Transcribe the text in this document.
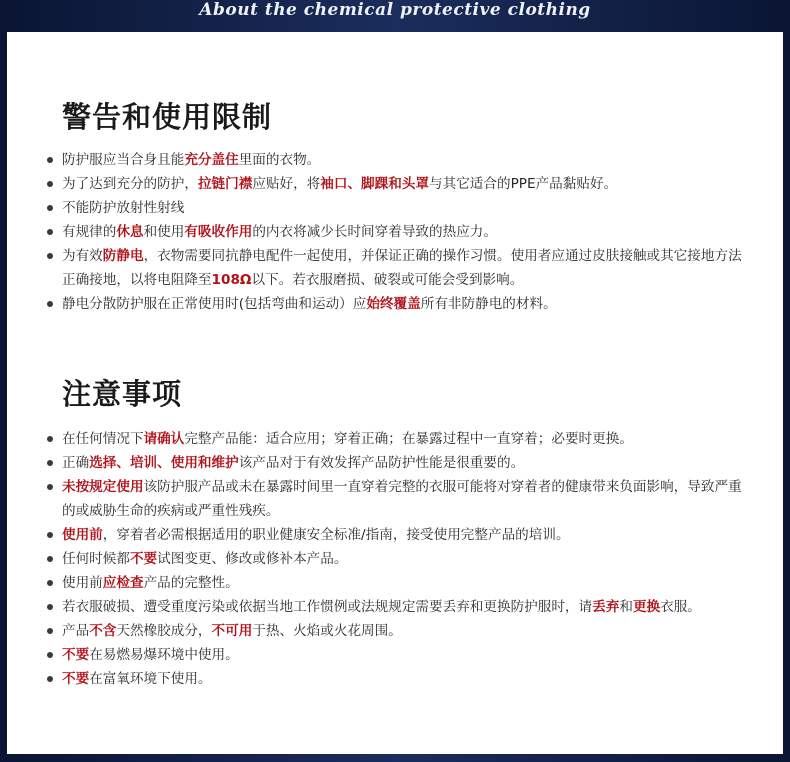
About the chemical protective clothing
警告和使用限制
防护服应当合身且能充分盖住里面的衣物。
为了达到充分的防护，拉链门襟应贴好，将袖口、脚踝和头罩与其它适合的PPE产品黏贴好。
不能防护放射性射线
有规律的休息和使用有吸收作用的内衣将减少长时间穿着导致的热应力。
为有效防静电，衣物需要同抗静电配件一起使用，并保证正确的操作习惯。使用者应通过皮肤接触或其它接地方法正确接地，以将电阻降至108Ω以下。若衣服磨损、破裂或可能会受到影响。
静电分散防护服在正常使用时(包括弯曲和运动）应始终覆盖所有非防静电的材料。
注意事项
在任何情况下请确认完整产品能：适合应用；穿着正确；在暴露过程中一直穿着；必要时更换。
正确选择、培训、使用和维护该产品对于有效发挥产品防护性能是很重要的。
未按规定使用该防护服产品或未在暴露时间里一直穿着完整的衣服可能将对穿着者的健康带来负面影响，导致严重的或威胁生命的疾病或严重性残疾。
使用前，穿着者必需根据适用的职业健康安全标准/指南，接受使用完整产品的培训。
任何时候都不要试图变更、修改或修补本产品。
使用前应检查产品的完整性。
若衣服破损、遭受重度污染或依据当地工作惯例或法规规定需要丢弃和更换防护服时，请丢弃和更换衣服。
产品不含天然橡胶成分，不可用于热、火焰或火花周围。
不要在易燃易爆环境中使用。
不要在富氧环境下使用。
